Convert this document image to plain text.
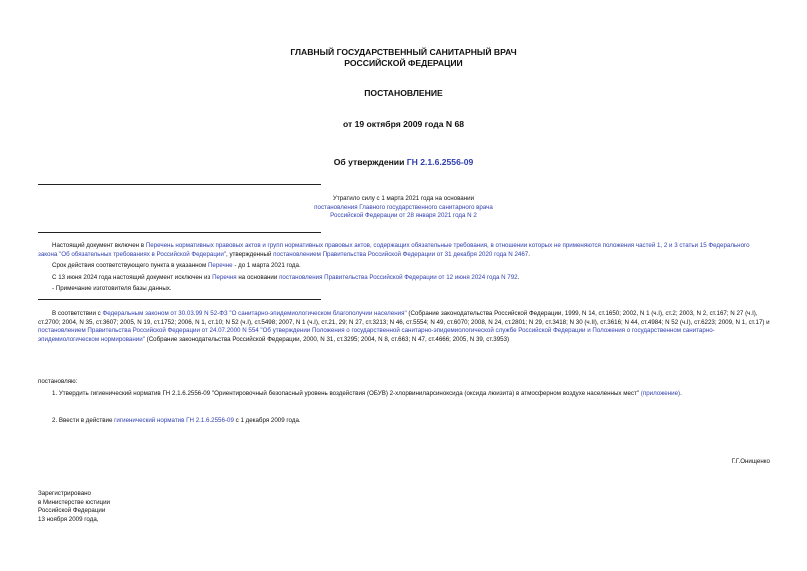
ГЛАВНЫЙ ГОСУДАРСТВЕННЫЙ САНИТАРНЫЙ ВРАЧ
РОССИЙСКОЙ ФЕДЕРАЦИИ
ПОСТАНОВЛЕНИЕ
от 19 октября 2009 года N 68
Об утверждении ГН 2.1.6.2556-09
Утратило силу с 1 марта 2021 года на основании
постановления Главного государственного санитарного врача
Российской Федерации от 28 января 2021 года N 2
Настоящий документ включен в Перечень нормативных правовых актов и групп нормативных правовых актов, содержащих обязательные требования, в отношении которых не применяются положения частей 1, 2 и 3 статьи 15 Федерального закона "Об обязательных требованиях в Российской Федерации", утвержденный постановлением Правительства Российской Федерации от 31 декабря 2020 года N 2467.
Срок действия соответствующего пункта в указанном Перечне - до 1 марта 2021 года.
С 13 июня 2024 года настоящий документ исключен из Перечня на основании постановления Правительства Российской Федерации от 12 июня 2024 года N 792.
- Примечание изготовителя базы данных.
В соответствии с Федеральным законом от 30.03.99 N 52-ФЗ "О санитарно-эпидемиологическом благополучии населения" (Собрание законодательства Российской Федерации, 1999, N 14, ст.1650; 2002, N 1 (ч.I), ст.2; 2003, N 2, ст.167; N 27 (ч.I), ст.2700; 2004, N 35, ст.3607; 2005, N 19, ст.1752; 2006, N 1, ст.10; N 52 (ч.I), ст.5498; 2007, N 1 (ч.I), ст.21, 29; N 27, ст.3213; N 46, ст.5554; N 49, ст.6070; 2008, N 24, ст.2801; N 29, ст.3418; N 30 (ч.II), ст.3616; N 44, ст.4984; N 52 (ч.I), ст.6223; 2009, N 1, ст.17) и постановлением Правительства Российской Федерации от 24.07.2000 N 554 "Об утверждении Положения о государственной санитарно-эпидемиологической службе Российской Федерации и Положения о государственном санитарно-эпидемиологическом нормировании" (Собрание законодательства Российской Федерации, 2000, N 31, ст.3295; 2004, N 8, ст.663; N 47, ст.4666; 2005, N 39, ст.3953)
постановляю:
1. Утвердить гигиенический норматив ГН 2.1.6.2556-09 "Ориентировочный безопасный уровень воздействия (ОБУВ) 2-хлорвиниларсиноксида (оксида люизита) в атмосферном воздухе населенных мест" (приложение).
2. Ввести в действие гигиенический норматив ГН 2.1.6.2556-09 с 1 декабря 2009 года.
Г.Г.Онищенко
Зарегистрировано
в Министерстве юстиции
Российской Федерации
13 ноября 2009 года,
